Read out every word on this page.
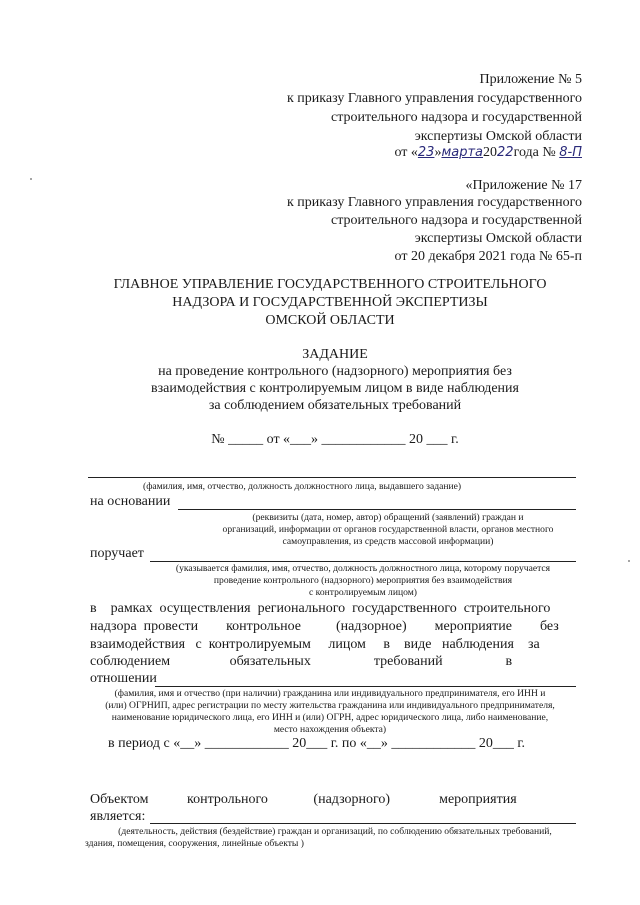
Приложение № 5
к приказу Главного управления государственного
строительного надзора и государственной
экспертизы Омской области
от «23»марта2022года № 8-П
«Приложение № 17
к приказу Главного управления государственного
строительного надзора и государственной
экспертизы Омской области
от 20 декабря 2021 года № 65-п
ГЛАВНОЕ УПРАВЛЕНИЕ ГОСУДАРСТВЕННОГО СТРОИТЕЛЬНОГО
НАДЗОРА И ГОСУДАРСТВЕННОЙ ЭКСПЕРТИЗЫ
ОМСКОЙ ОБЛАСТИ
ЗАДАНИЕ
на проведение контрольного (надзорного) мероприятия без
взаимодействия с контролируемым лицом в виде наблюдения
за соблюдением обязательных требований
№ _____ от «___» ____________ 20 ___ г.
(фамилия, имя, отчество, должность должностного лица, выдавшего задание)
на основании
(реквизиты (дата, номер, автор) обращений (заявлений) граждан и
организаций, информации от органов государственной власти, органов местного
самоуправления, из средств массовой информации)
поручает
(указывается фамилия, имя, отчество, должность должностного лица, которому поручается
проведение контрольного (надзорного) мероприятия без взаимодействия
с контролируемым лицом)
в    рамках  осуществления  регионального  государственного  строительного
надзора  провести        контрольное          (надзорное)        мероприятие        без
взаимодействия   с  контролируемым     лицом     в    виде   наблюдения    за
соблюдением                 обязательных                  требований                  в
отношении
(фамилия, имя и отчество (при наличии) гражданина или индивидуального предпринимателя, его ИНН и
(или) ОГРНИП, адрес регистрации по месту жительства гражданина или индивидуального предпринимателя,
наименование юридического лица, его ИНН и (или) ОГРН, адрес юридического лица, либо наименование,
место нахождения объекта)
в период с «__» ____________ 20___ г. по «__» ____________ 20___ г.
Объектом           контрольного             (надзорного)              мероприятия
является:
(деятельность, действия (бездействие) граждан и организаций, по соблюдению обязательных требований,
здания, помещения, сооружения, линейные объекты )
